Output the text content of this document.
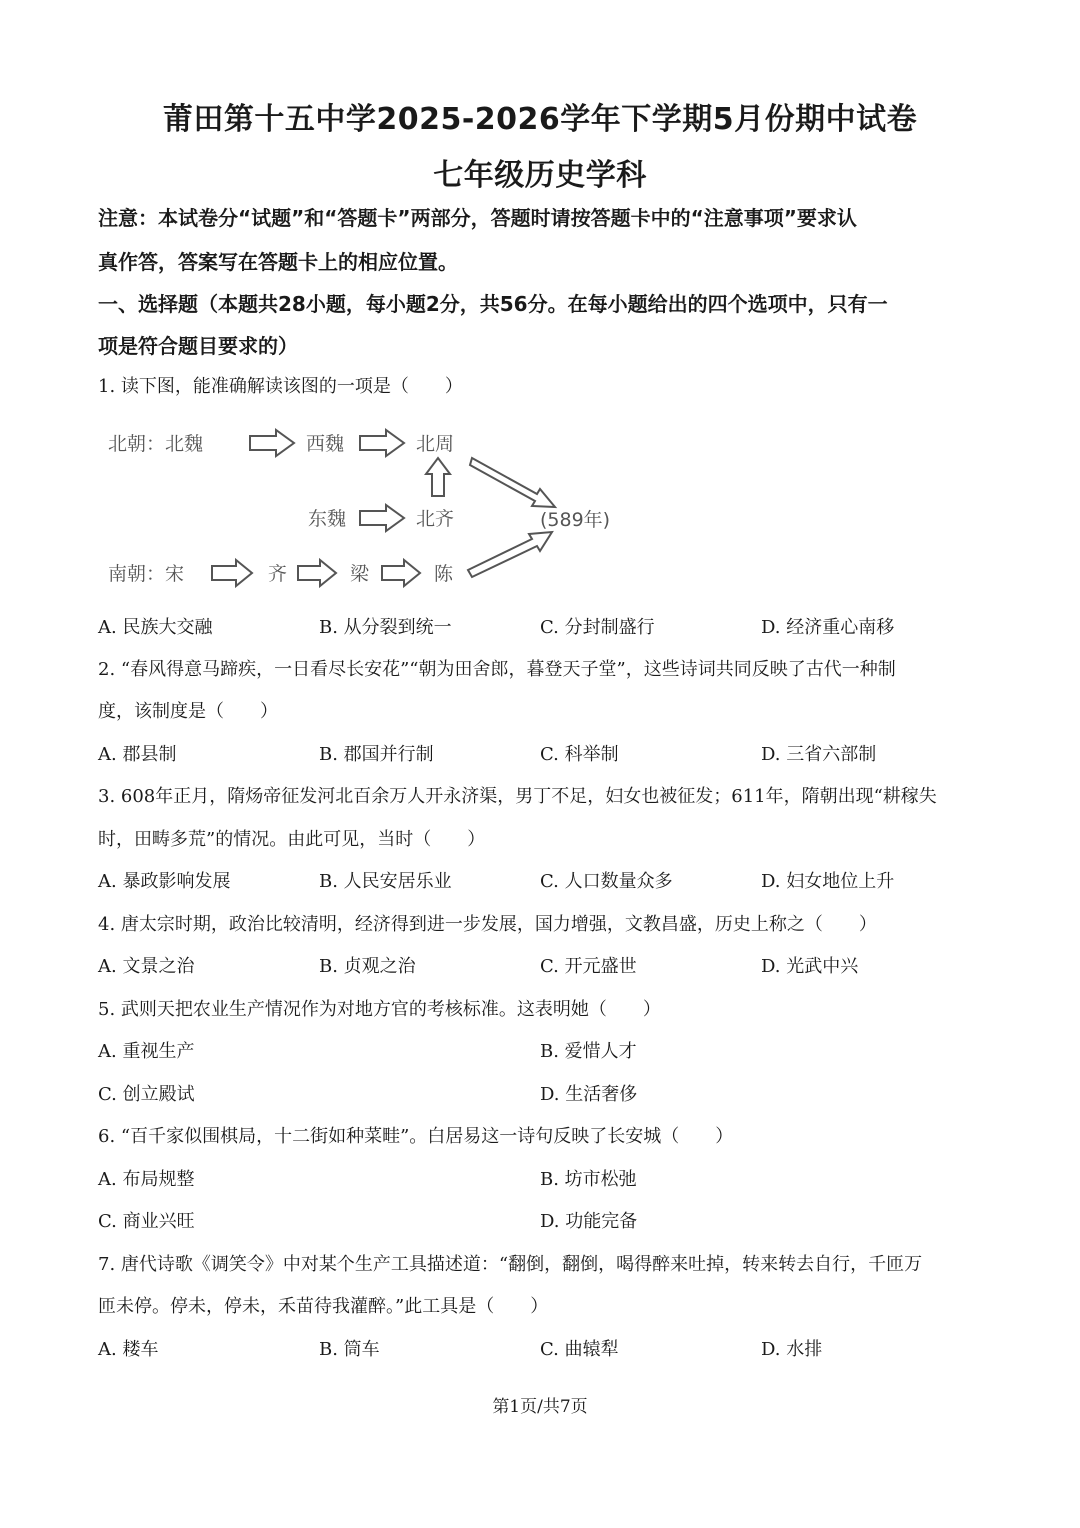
莆田第十五中学2025-2026学年下学期5月份期中试卷
七年级历史学科
注意：本试卷分“试题”和“答题卡”两部分，答题时请按答题卡中的“注意事项”要求认
真作答，答案写在答题卡上的相应位置。
一、选择题（本题共28小题，每小题2分，共56分。在每小题给出的四个选项中，只有一
项是符合题目要求的）
1. 读下图，能准确解读该图的一项是（　　）
北朝：北魏	西魏	北周
东魏	北齐	(589年)
南朝：宋	齐	梁	陈
A. 民族大交融	B. 从分裂到统一	C. 分封制盛行	D. 经济重心南移
2. “春风得意马蹄疾，一日看尽长安花”“朝为田舍郎，暮登天子堂”，这些诗词共同反映了古代一种制
度，该制度是（　　）
A. 郡县制	B. 郡国并行制	C. 科举制	D. 三省六部制
3. 608年正月，隋炀帝征发河北百余万人开永济渠，男丁不足，妇女也被征发；611年，隋朝出现“耕稼失
时，田畴多荒”的情况。由此可见，当时（　　）
A. 暴政影响发展	B. 人民安居乐业	C. 人口数量众多	D. 妇女地位上升
4. 唐太宗时期，政治比较清明，经济得到进一步发展，国力增强，文教昌盛，历史上称之（　　）
A. 文景之治	B. 贞观之治	C. 开元盛世	D. 光武中兴
5. 武则天把农业生产情况作为对地方官的考核标准。这表明她（　　）
A. 重视生产	B. 爱惜人才
C. 创立殿试	D. 生活奢侈
6. “百千家似围棋局，十二街如种菜畦”。白居易这一诗句反映了长安城（　　）
A. 布局规整	B. 坊市松弛
C. 商业兴旺	D. 功能完备
7. 唐代诗歌《调笑令》中对某个生产工具描述道：“翻倒，翻倒，喝得醉来吐掉，转来转去自行，千匝万
匝未停。停未，停未，禾苗待我灌醉。”此工具是（　　）
A. 耧车	B. 筒车	C. 曲辕犁	D. 水排
第1页/共7页
